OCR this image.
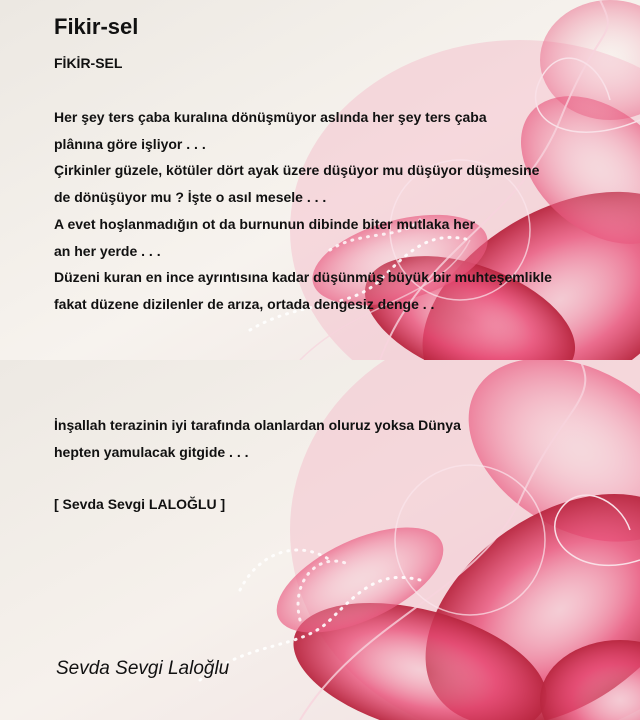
Fikir-sel
FİKİR-SEL
Her şey ters çaba kuralına dönüşmüyor aslında her şey ters çaba
plânına göre işliyor . . .
Çirkinler güzele, kötüler dört ayak üzere düşüyor mu düşüyor düşmesine
de dönüşüyor mu ? İşte o asıl mesele . . .
A evet hoşlanmadığın ot da burnunun dibinde biter mutlaka her
an her yerde . . .
Düzeni kuran en ince ayrıntısına kadar düşünmüş büyük bir muhteşemlikle
fakat düzene dizilenler de arıza, ortada dengesiz denge . .
İnşallah terazinin iyi tarafında olanlardan oluruz yoksa Dünya
hepten yamulacak gitgide . . .
[ Sevda Sevgi LALOĞLU ]
Sevda Sevgi Laloğlu
